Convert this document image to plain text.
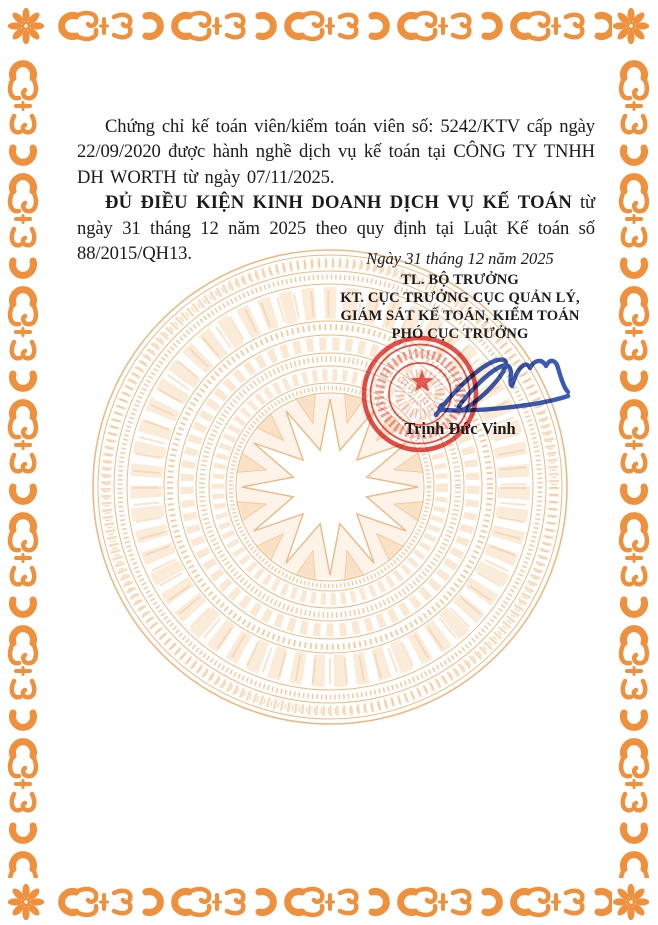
Chứng chỉ kế toán viên/kiểm toán viên số: 5242/KTV cấp ngày 22/09/2020 được hành nghề dịch vụ kế toán tại CÔNG TY TNHH DH WORTH từ ngày 07/11/2025.

ĐỦ ĐIỀU KIỆN KINH DOANH DỊCH VỤ KẾ TOÁN từ ngày 31 tháng 12 năm 2025 theo quy định tại Luật Kế toán số 88/2015/QH13.	Ngày 31 tháng 12 năm 2025
TL. BỘ TRƯỞNG
KT. CỤC TRƯỞNG CỤC QUẢN LÝ,
GIÁM SÁT KẾ TOÁN, KIỂM TOÁN
PHÓ CỤC TRƯỞNG
Trịnh Đức Vinh
